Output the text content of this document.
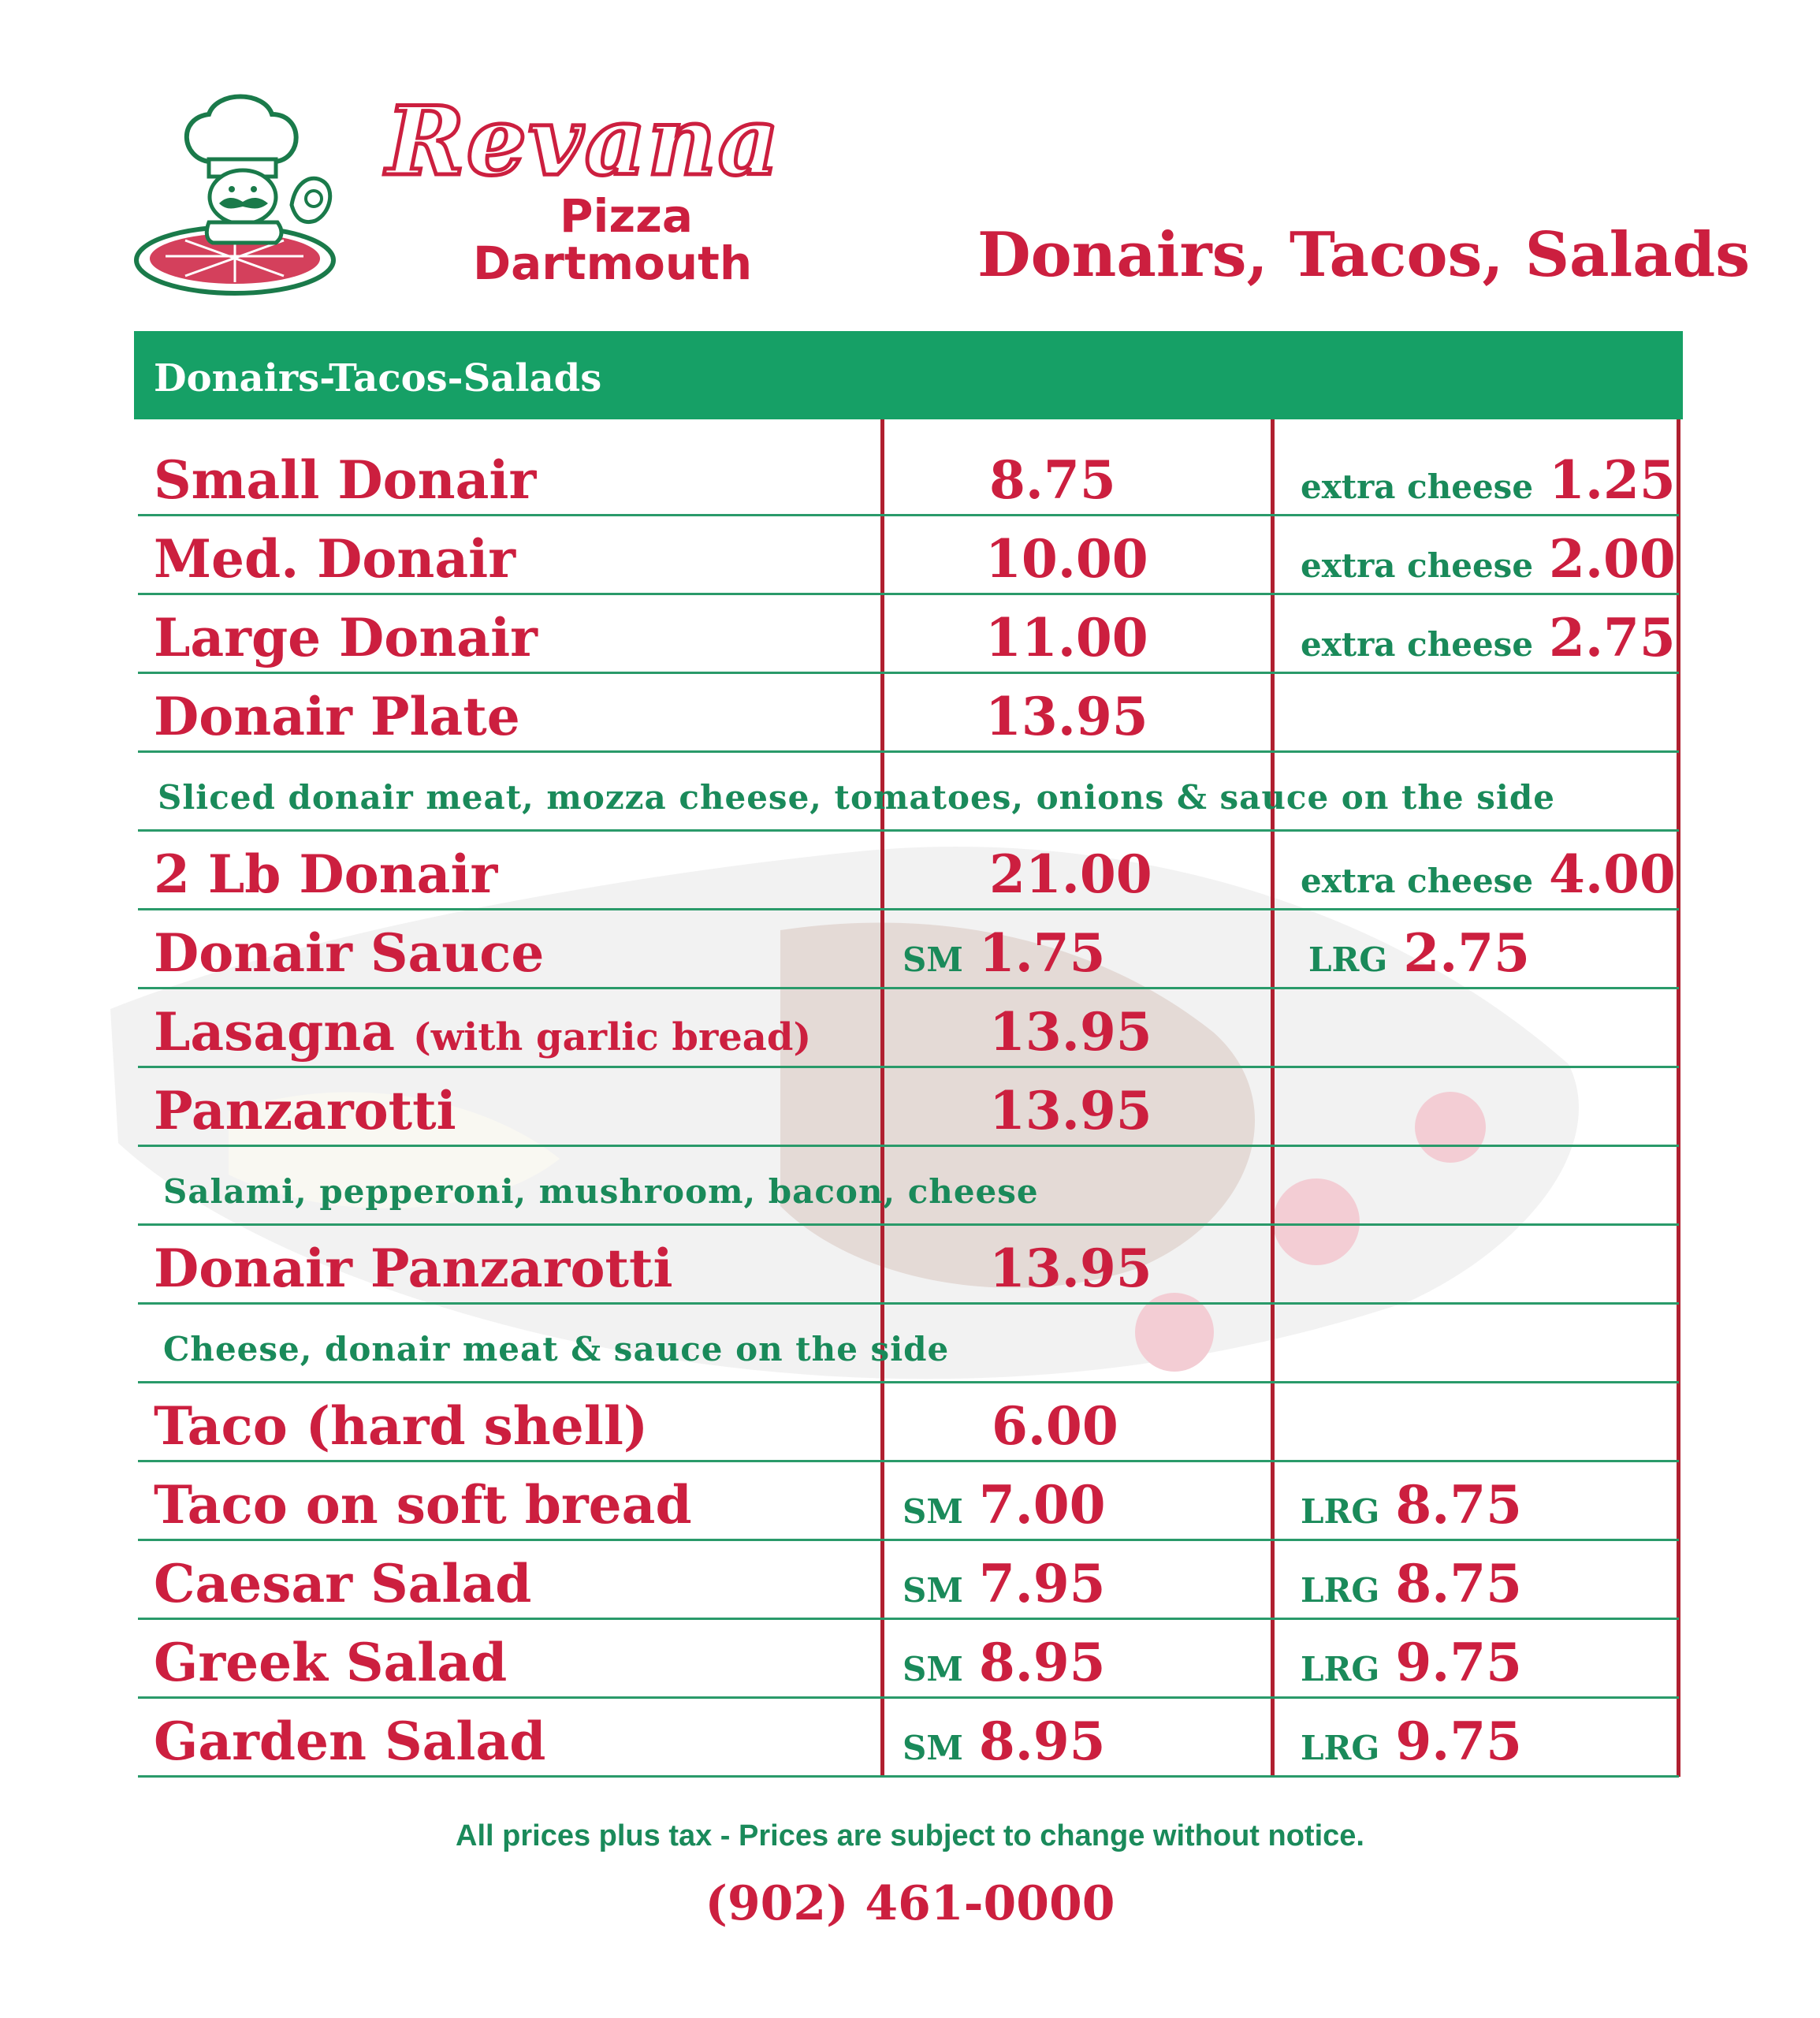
Revana
Pizza
Dartmouth	Donairs, Tacos, Salads
Donairs-Tacos-Salads
Small Donair	8.75	extra cheese 1.25
Med. Donair	10.00	extra cheese 2.00
Large Donair	11.00	extra cheese 2.75
Donair Plate	13.95
Sliced donair meat, mozza cheese, tomatoes, onions & sauce on the side
2 Lb Donair	21.00	extra cheese 4.00
Donair Sauce	SM 1.75	LRG 2.75
Lasagna (with garlic bread)	13.95
Panzarotti	13.95
Salami, pepperoni, mushroom, bacon, cheese
Donair Panzarotti	13.95
Cheese, donair meat & sauce on the side
Taco (hard shell)	6.00
Taco on soft bread	SM 7.00	LRG 8.75
Caesar Salad	SM 7.95	LRG 8.75
Greek Salad	SM 8.95	LRG 9.75
Garden Salad	SM 8.95	LRG 9.75
All prices plus tax - Prices are subject to change without notice.
(902) 461-0000
